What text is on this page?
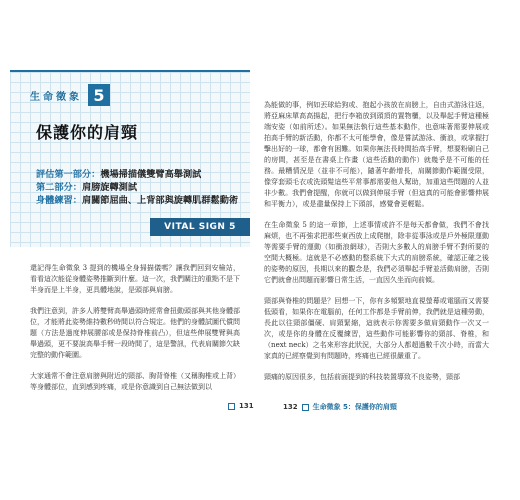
生命徵象 5
保護你的肩頸
評估第一部分：機場掃描儀雙臂高舉測試
第二部分：肩膀旋轉測試
身體練習：肩關節屈曲、上背部與旋轉肌群鬆動術
VITAL SIGN 5

還記得生命徵象 3 提到的機場全身掃描儀嗎？讓我們回到安檢站，看看這次能從身體姿勢推斷到什麼。這一次，我們關注的重點不是下半身而是上半身，更具體地說，是頭部與肩膀。

我們注意到，許多人將雙臂高舉過頭時經常會扭動頭部與其他身體部位，才能將此姿勢維持數秒時間以符合規定。他們的身體試圖代償問題（方法是過度伸展腰部或是保持脊椎前凸），但這些伸展雙臂與高舉過頭，更不要說高舉手臂一段時間了，這是警訊，代表肩關節欠缺完整的動作範圍。

大家通常不會注意肩膀與附近的頸部、胸背脊椎（又稱胸椎或上背）等身體部位，直到感到疼痛，或是你意識到自己無法做到以

131

為能做的事，例如丟球給狗或、抱起小孩放在肩膀上，自由式游泳往返，將亞麻床單高高揚起，把行李箱放到頭頂的置物櫃，以及舉起手臂這種極端安姿（如前所述）。如果無法執行這些基本動作，也意味著需要伸展或拍高手臂的新活動，你都不太可能學會，像是嘗試游泳、衝浪，或掌握打擊出好的一球，都會有困難。如果你無法長時間抬高手臂，想要粉刷自己的房間，甚至是在書桌上作畫（這些活動的動作）就幾乎是不可能的任務。最糟情況是（並非不可能），隨著年齡增長，肩關節動作範圍受限，像穿套頭毛衣或洗頭髮這些平常事都需要他人幫助，加重這些問題的人並非少數。我們會提醒，你就可以做到伸展手臂（但這真的可能會影響伸展和平衡力），或是盡量保持上下頭部，感覺會更輕鬆。

在生命徵象 5 的這一章節，上述事情或許不是每天都會做，我們不會找麻煩，也不再強求把那些東西放上成爬樹，除非從事泳或是戶外極限運動等需要手臂的運動（如衝浪網球），否則大多數人的肩膀手臂不對所要的空間大概極。這就是不必感動的整系統下大式的肩膀系統，確認正確之後的姿勢的原因，長期以來的觀念是，我們必須舉起手臂並活動肩膀，否則它們就會出問題而影響日常生活，一直因久坐而向前傾。

頸部與脊椎的問題是？回想一下，你有多頻繁地直視螢幕或電腦而又需要低頭看，如果你在電腦前，任何工作都是手臂前伸，我們就是這種勞動，長此以往頸部僵硬、肩頸緊縮，這就表示你需要多做肩頸動作一次又一次，或是你的身體在反覆練習，這些動作可能影響你的頸部、脊椎，和（next neck）之名來形容此狀況，大部分人都超過數千次小時，而當大家真的已經察覺到有問題時，疼痛也已經很嚴重了。

頸痛的原因很多，包括前面提到的科技裝置導致不良姿勢，頸部

132 生命徵象 5：保護你的肩頸
